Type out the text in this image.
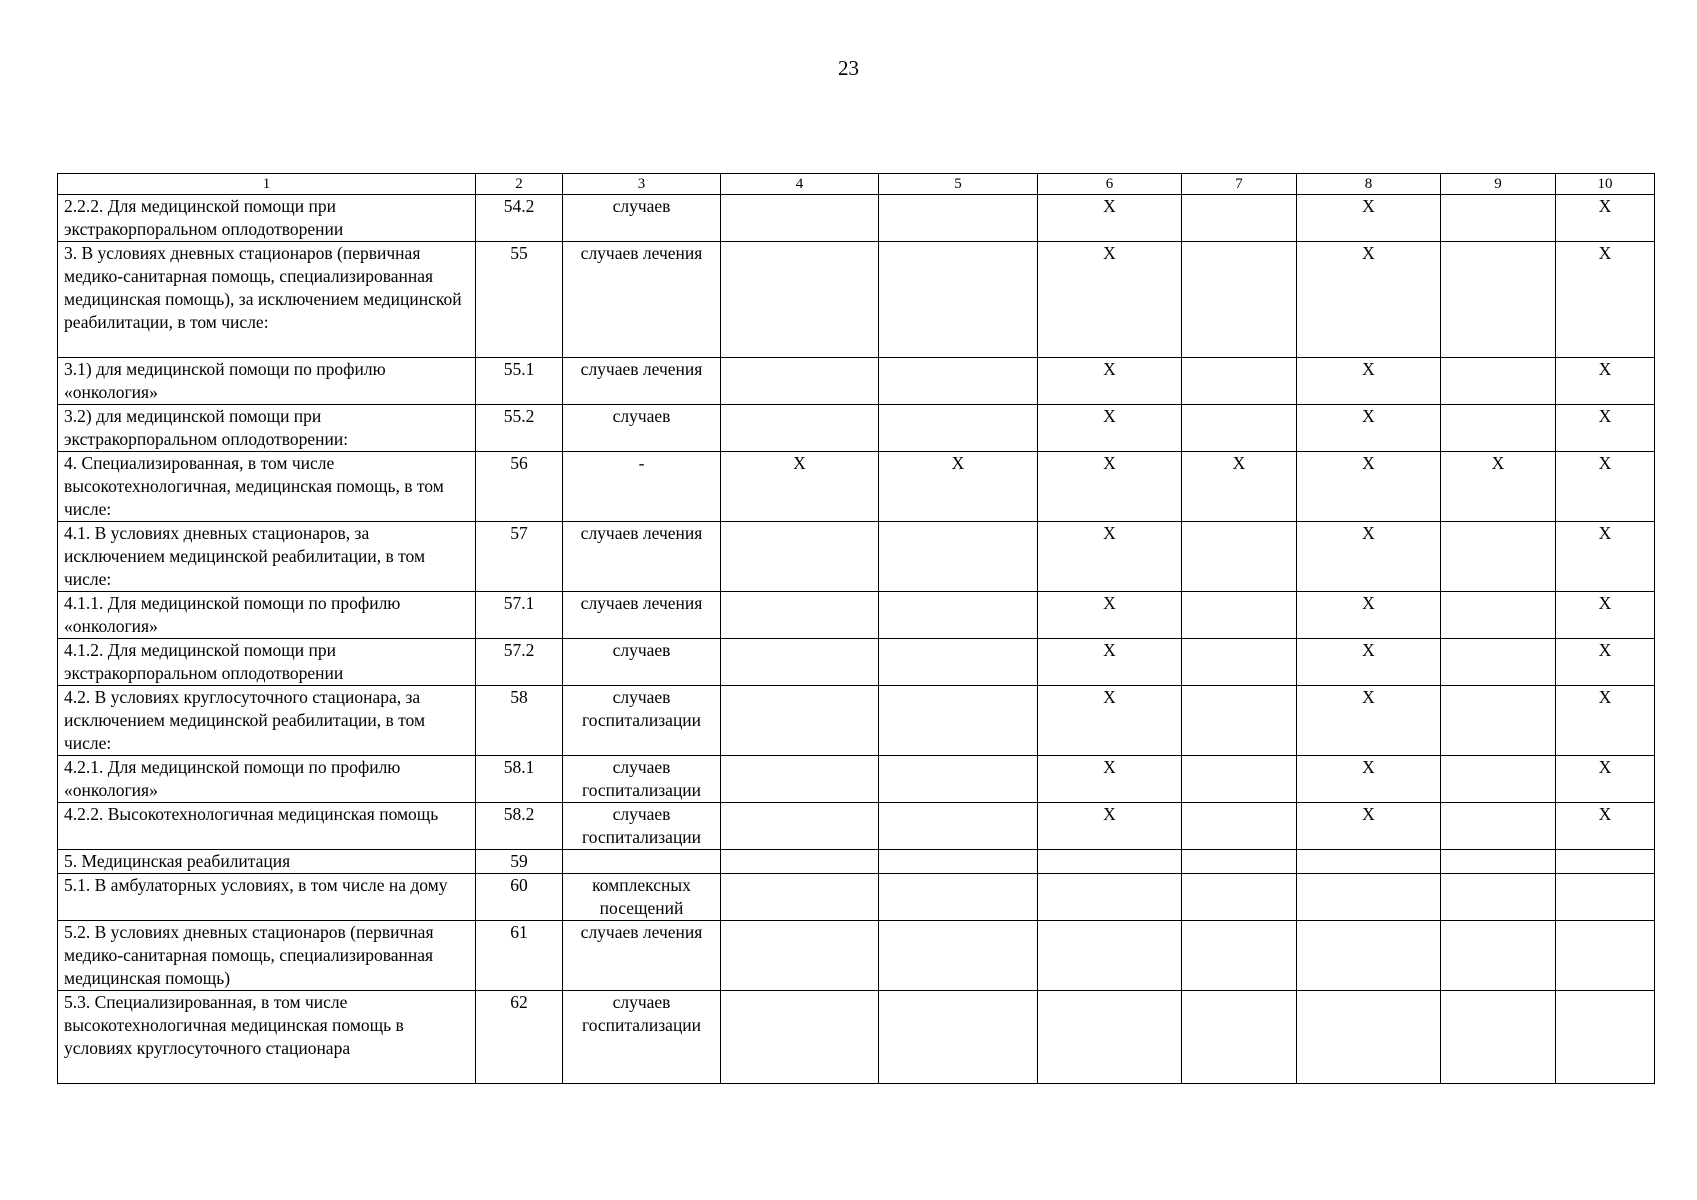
23
1	2	3	4	5	6	7	8	9	10
2.2.2. Для медицинской помощи при экстракорпоральном оплодотворении	54.2	случаев			X		X		X
3. В условиях дневных стационаров (первичная медико-санитарная помощь, специализированная медицинская помощь), за исключением медицинской реабилитации, в том числе:	55	случаев лечения			X		X		X
3.1) для медицинской помощи по профилю «онкология»	55.1	случаев лечения			X		X		X
3.2) для медицинской помощи при экстракорпоральном оплодотворении:	55.2	случаев			X		X		X
4. Специализированная, в том числе высокотехнологичная, медицинская помощь, в том числе:	56	-	X	X	X	X	X	X	X
4.1. В условиях дневных стационаров, за исключением медицинской реабилитации, в том числе:	57	случаев лечения			X		X		X
4.1.1. Для медицинской помощи по профилю «онкология»	57.1	случаев лечения			X		X		X
4.1.2. Для медицинской помощи при экстракорпоральном оплодотворении	57.2	случаев			X		X		X
4.2. В условиях круглосуточного стационара, за исключением медицинской реабилитации, в том числе:	58	случаев госпитализации			X		X		X
4.2.1. Для медицинской помощи по профилю «онкология»	58.1	случаев госпитализации			X		X		X
4.2.2. Высокотехнологичная медицинская помощь	58.2	случаев госпитализации			X		X		X
5. Медицинская реабилитация	59								
5.1. В амбулаторных условиях, в том числе на дому	60	комплексных посещений							
5.2. В условиях дневных стационаров (первичная медико-санитарная помощь, специализированная медицинская помощь)	61	случаев лечения							
5.3. Специализированная, в том числе высокотехнологичная медицинская помощь в условиях круглосуточного стационара	62	случаев госпитализации							
